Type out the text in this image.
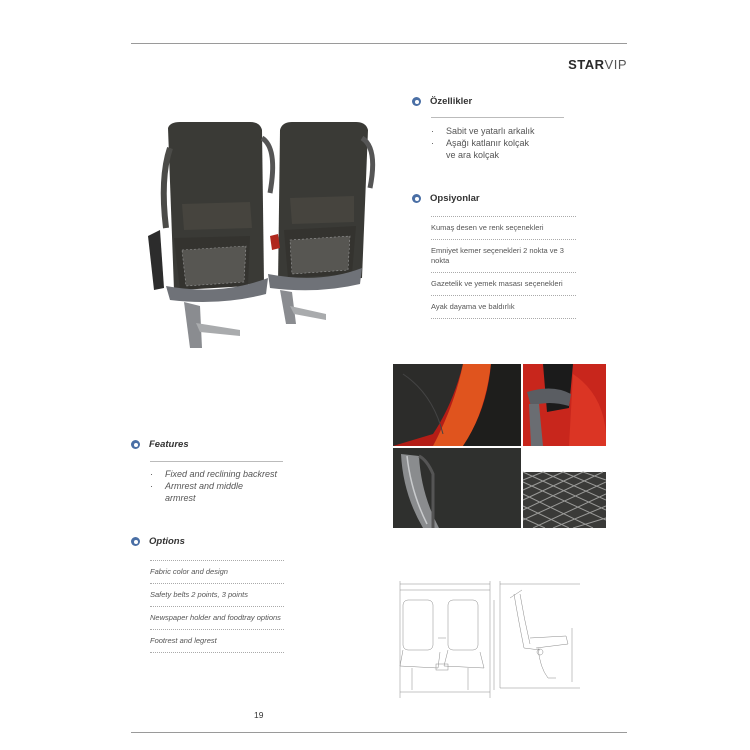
STARVIP
Özellikler
· Sabit ve yatarlı arkalık
· Aşağı katlanır kolçak
ve ara kolçak
Opsiyonlar
Kumaş desen ve renk seçenekleri
Emniyet kemer seçenekleri 2 nokta ve 3 nokta
Gazetelik ve yemek masası seçenekleri
Ayak dayama ve baldırlık
Features
· Fixed and reclining backrest
· Armrest and middle
armrest
Options
Fabric color and design
Safety belts 2 points, 3 points
Newspaper holder and foodtray options
Footrest and legrest
19
